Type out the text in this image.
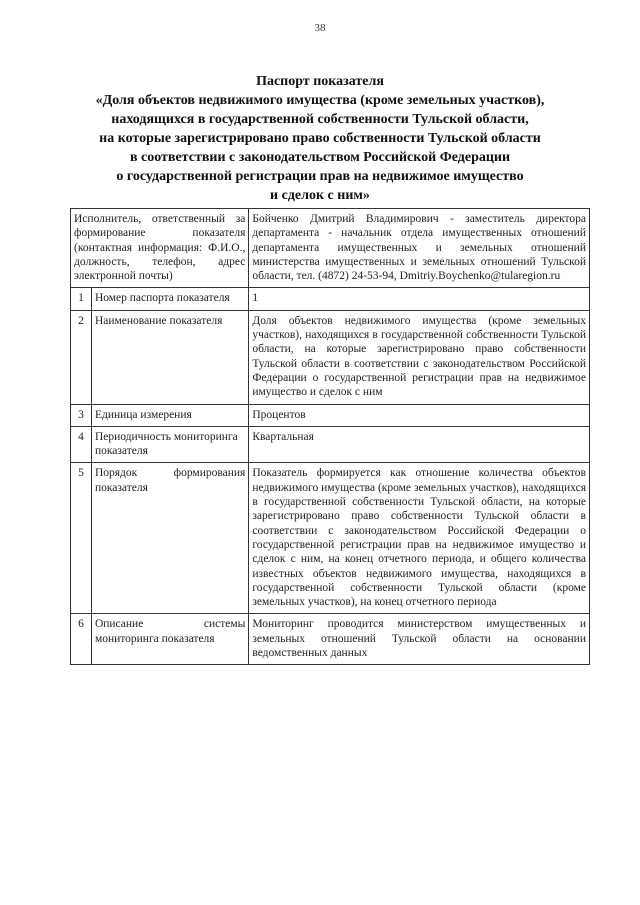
38
Паспорт показателя
«Доля объектов недвижимого имущества (кроме земельных участков),
находящихся в государственной собственности Тульской области,
на которые зарегистрировано право собственности Тульской области
в соответствии с законодательством Российской Федерации
о государственной регистрации прав на недвижимое имущество
и сделок с ним»
Исполнитель, ответственный за формирование показателя (контактная информация: Ф.И.О., должность, телефон, адрес электронной почты)		Бойченко Дмитрий Владимирович - заместитель директора департамента - начальник отдела имущественных отношений департамента имущественных и земельных отношений министерства имущественных и земельных отношений Тульской области, тел. (4872) 24-53-94, Dmitriy.Boychenko@tularegion.ru
1	Номер паспорта показателя	1
2	Наименование показателя	Доля объектов недвижимого имущества (кроме земельных участков), находящихся в государственной собственности Тульской области, на которые зарегистрировано право собственности Тульской области в соответствии с законодательством Российской Федерации о государственной регистрации прав на недвижимое имущество и сделок с ним
3	Единица измерения	Процентов
4	Периодичность мониторинга показателя	Квартальная
5	Порядок формирования показателя	Показатель формируется как отношение количества объектов недвижимого имущества (кроме земельных участков), находящихся в государственной собственности Тульской области, на которые зарегистрировано право собственности Тульской области в соответствии с законодательством Российской Федерации о государственной регистрации прав на недвижимое имущество и сделок с ним, на конец отчетного периода, и общего количества известных объектов недвижимого имущества, находящихся в государственной собственности Тульской области (кроме земельных участков), на конец отчетного периода
6	Описание системы мониторинга показателя	Мониторинг проводится министерством имущественных и земельных отношений Тульской области на основании ведомственных данных
